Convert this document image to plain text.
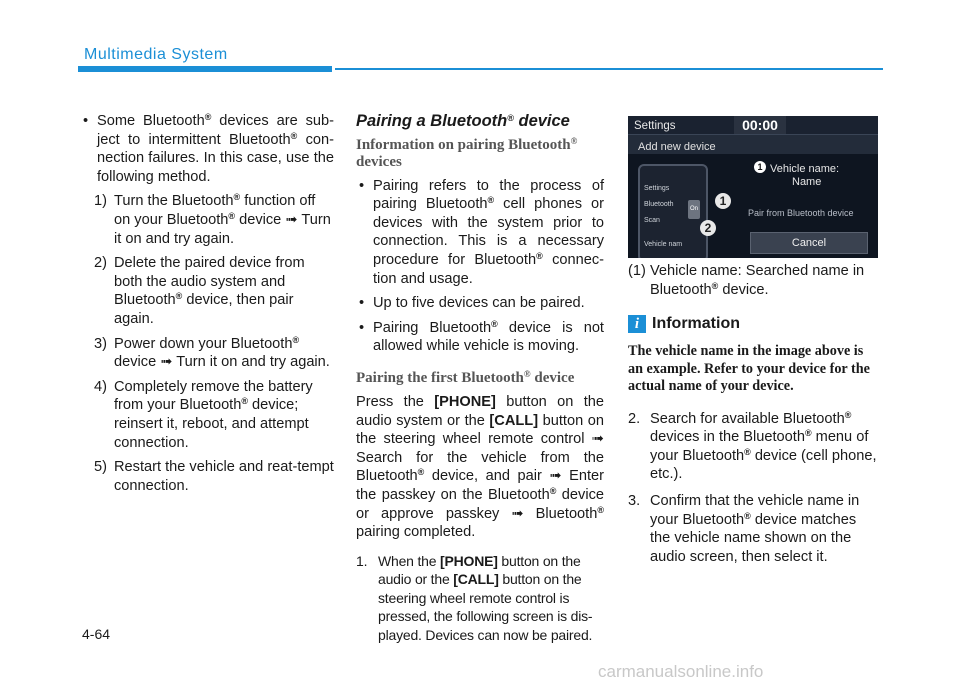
Multimedia System
• Some Bluetooth® devices are sub-ject to intermittent Bluetooth® con-nection failures. In this case, use the following method.
1) Turn the Bluetooth® function off on your Bluetooth® device ➟ Turn it on and try again.
2) Delete the paired device from both the audio system and Bluetooth® device, then pair again.
3) Power down your Bluetooth® device ➟ Turn it on and try again.
4) Completely remove the battery from your Bluetooth® device; reinsert it, reboot, and attempt connection.
5) Restart the vehicle and reat-tempt connection.
Pairing a Bluetooth® device
Information on pairing Bluetooth® devices
• Pairing refers to the process of pairing Bluetooth® cell phones or devices with the system prior to connection. This is a necessary procedure for Bluetooth® connec-tion and usage.
• Up to five devices can be paired.
• Pairing Bluetooth® device is not allowed while vehicle is moving.
Pairing the first Bluetooth® device
Press the [PHONE] button on the audio system or the [CALL] button on the steering wheel remote control ➟ Search for the vehicle from the Bluetooth® device, and pair ➟ Enter the passkey on the Bluetooth® device or approve passkey ➟ Bluetooth® pairing completed.
1. When the [PHONE] button on the audio or the [CALL] button on the steering wheel remote control is pressed, the following screen is dis-played. Devices can now be paired.
Settings	00:00
Add new device
Settings
Bluetooth
On
Scan
Vehicle nam
1
2
1 Vehicle name:
Name
Pair from Bluetooth device
Cancel
(1) Vehicle name: Searched name in Bluetooth® device.
i Information
The vehicle name in the image above is an example. Refer to your device for the actual name of your device.
2. Search for available Bluetooth® devices in the Bluetooth® menu of your Bluetooth® device (cell phone, etc.).
3. Confirm that the vehicle name in your Bluetooth® device matches the vehicle name shown on the audio screen, then select it.
4-64
carmanualsonline.info
